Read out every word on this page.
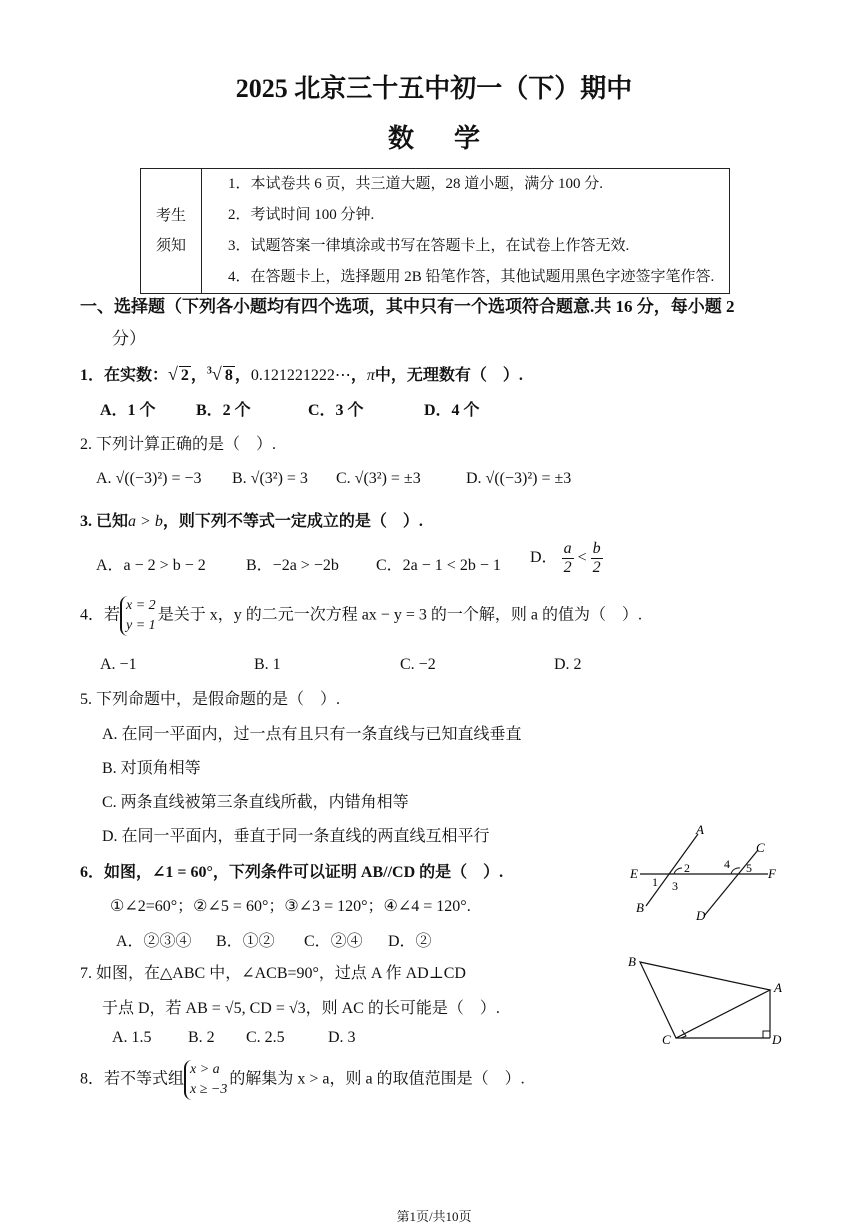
2025 北京三十五中初一（下）期中
数学
考生
须知
	1．本试卷共 6 页，共三道大题，28 道小题，满分 100 分.
2．考试时间 100 分钟.
3．试题答案一律填涂或书写在答题卡上，在试卷上作答无效.
4．在答题卡上，选择题用 2B 铅笔作答，其他试题用黑色字迹签字笔作答.
一、选择题（下列各小题均有四个选项，其中只有一个选项符合题意.共 16 分，每小题 2
分）
1．在实数：√ 2 ，$^3$√ 8 ，0.121221222⋯，π中，无理数有（　）.
A．1 个	B．2 个	C．3 个	D．4 个
2. 下列计算正确的是（　）.
A. √((−3)²) = −3 B. √(3²) = 3 C. √(3²) = ±3	D. √((−3)²) = ±3
3. 已知a > b，则下列不等式一定成立的是（　）.
A．a − 2 > b − 2	B．−2a > −2b C．2a − 1 < 2b − 1 D． $\frac{a}{2} < \frac{b}{2}$
4．若
x = 2
y = 1
是关于 x，y 的二元一次方程 ax − y = 3 的一个解，则 a 的值为（　）.
A. −1	B. 1	C. −2	D. 2
5. 下列命题中，是假命题的是（　）.
A. 在同一平面内，过一点有且只有一条直线与已知直线垂直
B. 对顶角相等
C. 两条直线被第三条直线所截，内错角相等
D. 在同一平面内，垂直于同一条直线的两直线互相平行
6．如图，∠1 = 60°，下列条件可以证明 AB//CD 的是（　）.
①∠2=60°；②∠5 = 60°；③∠3 = 120°；④∠4 = 120°.
A．②③④ B．①② C．②④ D．②
A
C
E	F
B
D
1
2
3
4 5
7. 如图，在△ABC 中，∠ACB=90°，过点 A 作 AD⊥CD
于点 D，若 AB = √5, CD = √3，则 AC 的长可能是（　）.
A. 1.5 B. 2 C. 2.5	D. 3
B
A
C	D
8．若不等式组
x > a
x ≥ −3
的解集为 x > a，则 a 的取值范围是（　）.
第1页/共10页
